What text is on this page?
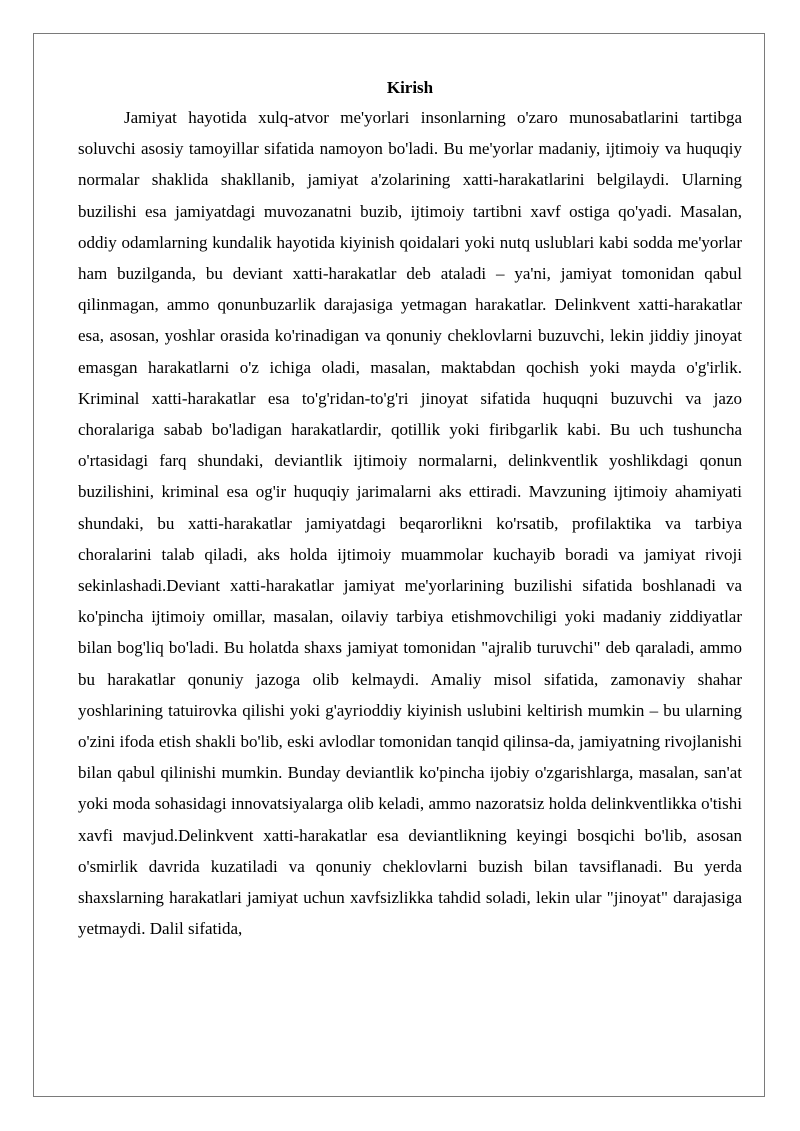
Kirish

Jamiyat hayotida xulq-atvor me'yorlari insonlarning o'zaro munosabatlarini tartibga soluvchi asosiy tamoyillar sifatida namoyon bo'ladi. Bu me'yorlar madaniy, ijtimoiy va huquqiy normalar shaklida shakllanib, jamiyat a'zolarining xatti-harakatlarini belgilaydi. Ularning buzilishi esa jamiyatdagi muvozanatni buzib, ijtimoiy tartibni xavf ostiga qo'yadi. Masalan, oddiy odamlarning kundalik hayotida kiyinish qoidalari yoki nutq uslublari kabi sodda me'yorlar ham buzilganda, bu deviant xatti-harakatlar deb ataladi – ya'ni, jamiyat tomonidan qabul qilinmagan, ammo qonunbuzarlik darajasiga yetmagan harakatlar. Delinkvent xatti-harakatlar esa, asosan, yoshlar orasida ko'rinadigan va qonuniy cheklovlarni buzuvchi, lekin jiddiy jinoyat emasgan harakatlarni o'z ichiga oladi, masalan, maktabdan qochish yoki mayda o'g'irlik. Kriminal xatti-harakatlar esa to'g'ridan-to'g'ri jinoyat sifatida huquqni buzuvchi va jazo choralariga sabab bo'ladigan harakatlardir, qotillik yoki firibgarlik kabi. Bu uch tushuncha o'rtasidagi farq shundaki, deviantlik ijtimoiy normalarni, delinkventlik yoshlikdagi qonun buzilishini, kriminal esa og'ir huquqiy jarimalarni aks ettiradi. Mavzuning ijtimoiy ahamiyati shundaki, bu xatti-harakatlar jamiyatdagi beqarorlikni ko'rsatib, profilaktika va tarbiya choralarini talab qiladi, aks holda ijtimoiy muammolar kuchayib boradi va jamiyat rivoji sekinlashadi.Deviant xatti-harakatlar jamiyat me'yorlarining buzilishi sifatida boshlanadi va ko'pincha ijtimoiy omillar, masalan, oilaviy tarbiya etishmovchiligi yoki madaniy ziddiyatlar bilan bog'liq bo'ladi. Bu holatda shaxs jamiyat tomonidan "ajralib turuvchi" deb qaraladi, ammo bu harakatlar qonuniy jazoga olib kelmaydi. Amaliy misol sifatida, zamonaviy shahar yoshlarining tatuirovka qilishi yoki g'ayrioddiy kiyinish uslubini keltirish mumkin – bu ularning o'zini ifoda etish shakli bo'lib, eski avlodlar tomonidan tanqid qilinsa-da, jamiyatning rivojlanishi bilan qabul qilinishi mumkin. Bunday deviantlik ko'pincha ijobiy o'zgarishlarga, masalan, san'at yoki moda sohasidagi innovatsiyalarga olib keladi, ammo nazoratsiz holda delinkventlikka o'tishi xavfi mavjud.Delinkvent xatti-harakatlar esa deviantlikning keyingi bosqichi bo'lib, asosan o'smirlik davrida kuzatiladi va qonuniy cheklovlarni buzish bilan tavsiflanadi. Bu yerda shaxslarning harakatlari jamiyat uchun xavfsizlikka tahdid soladi, lekin ular "jinoyat" darajasiga yetmaydi. Dalil sifatida,
